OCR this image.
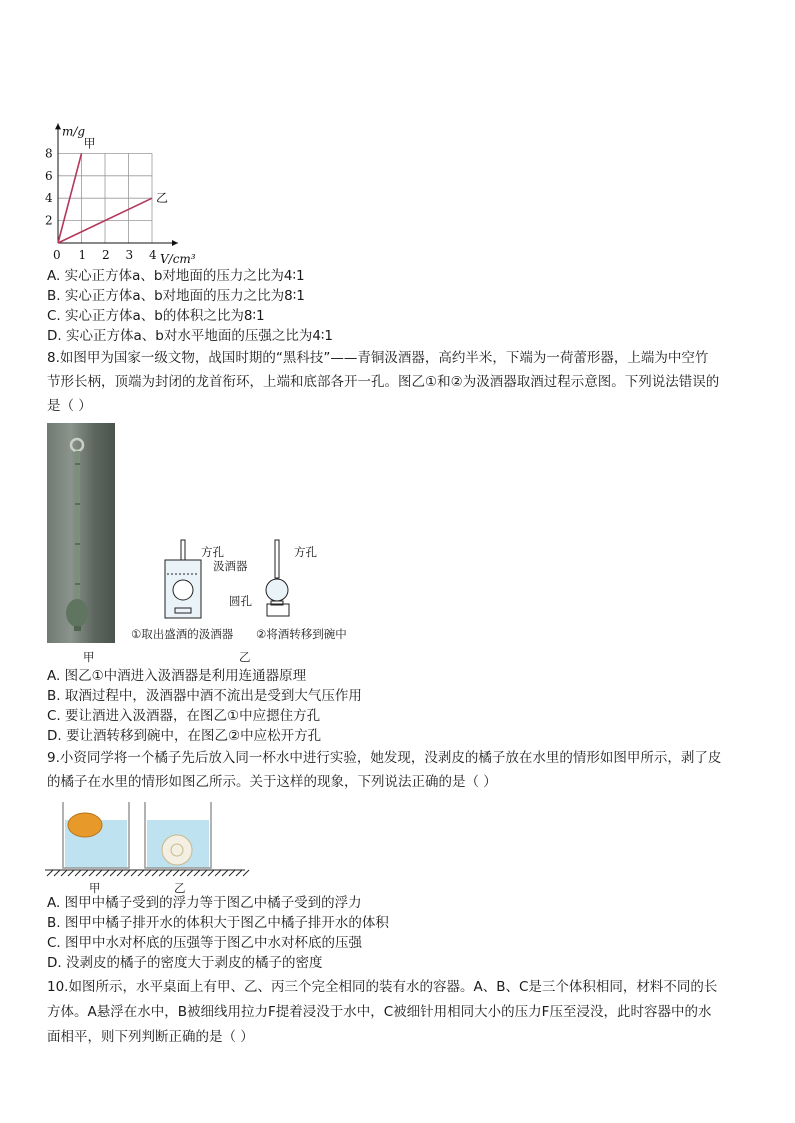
甲
乙
0 1 2 3 4
2
4
6
8
m/g
V/cm³
A. 实心正方体a、b对地面的压力之比为4∶1
B. 实心正方体a、b对地面的压力之比为8∶1
C. 实心正方体a、b的体积之比为8∶1
D. 实心正方体a、b对水平地面的压强之比为4∶1
8.如图甲为国家一级文物，战国时期的“黑科技”——青铜汲酒器，高约半米，下端为一荷蕾形器，上端为中空竹
节形长柄，顶端为封闭的龙首衔环，上端和底部各开一孔。图乙①和②为汲酒器取酒过程示意图。下列说法错误的
是（ ）
甲
方孔
汲酒器
圆孔
方孔
①取出盛酒的汲酒器 ②将酒转移到碗中
乙
A. 图乙①中酒进入汲酒器是利用连通器原理
B. 取酒过程中，汲酒器中酒不流出是受到大气压作用
C. 要让酒进入汲酒器，在图乙①中应摁住方孔
D. 要让酒转移到碗中，在图乙②中应松开方孔
9.小资同学将一个橘子先后放入同一杯水中进行实验，她发现，没剥皮的橘子放在水里的情形如图甲所示，剥了皮
的橘子在水里的情形如图乙所示。关于这样的现象，下列说法正确的是（ ）
甲	乙
A. 图甲中橘子受到的浮力等于图乙中橘子受到的浮力
B. 图甲中橘子排开水的体积大于图乙中橘子排开水的体积
C. 图甲中水对杯底的压强等于图乙中水对杯底的压强
D. 没剥皮的橘子的密度大于剥皮的橘子的密度
10.如图所示，水平桌面上有甲、乙、丙三个完全相同的装有水的容器。A、B、C是三个体积相同，材料不同的长
方体。A悬浮在水中，B被细线用拉力F提着浸没于水中，C被细针用相同大小的压力F压至浸没，此时容器中的水
面相平，则下列判断正确的是（ ）
